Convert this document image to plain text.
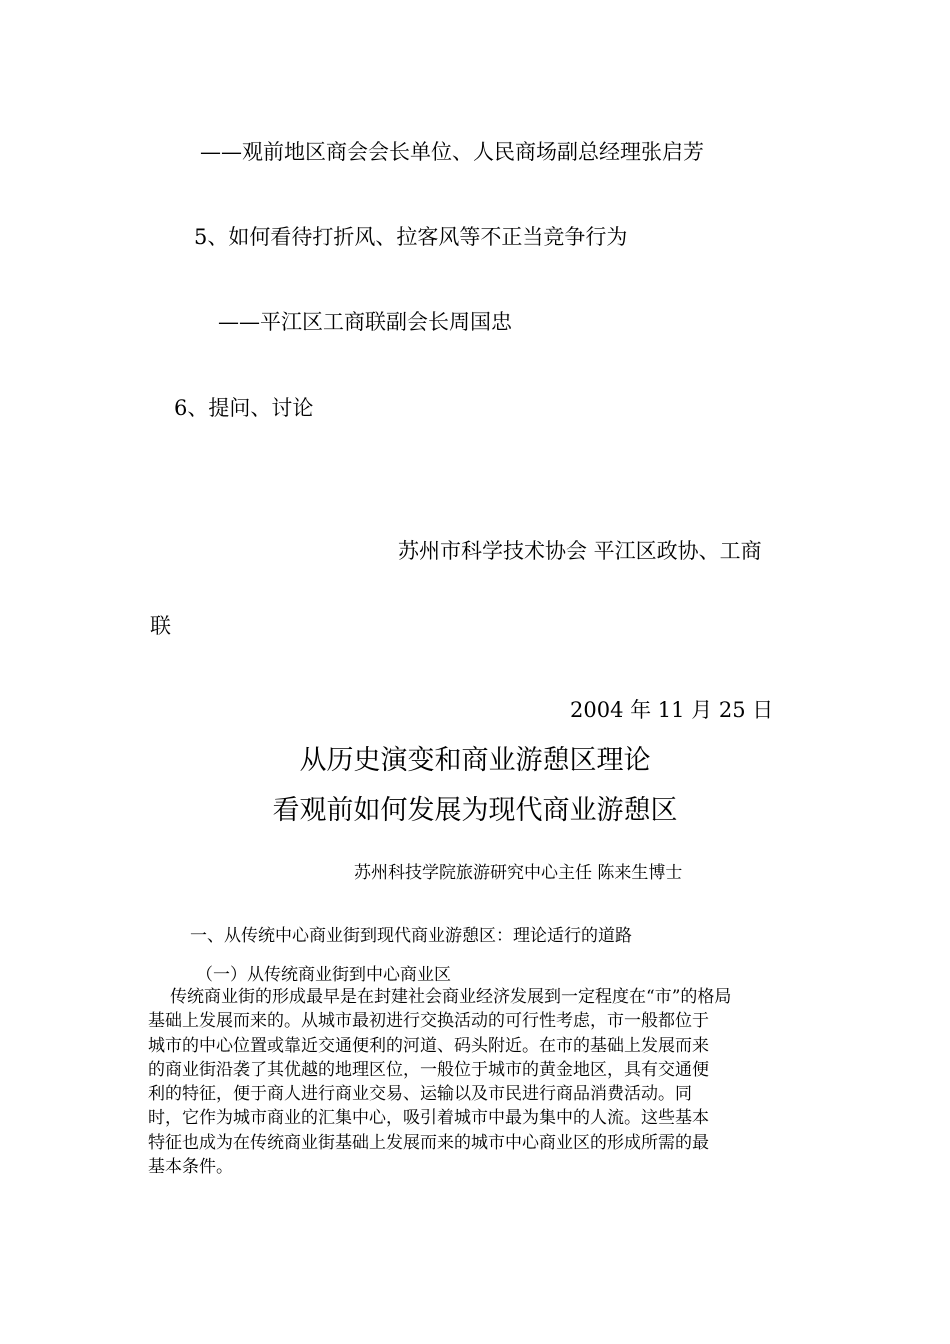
——观前地区商会会长单位、人民商场副总经理张启芳
5、如何看待打折风、拉客风等不正当竞争行为
——平江区工商联副会长周国忠
6、提问、讨论
苏州市科学技术协会 平江区政协、工商
联
2004 年 11 月 25 日
从历史演变和商业游憩区理论
看观前如何发展为现代商业游憩区
苏州科技学院旅游研究中心主任 陈来生博士
一、从传统中心商业街到现代商业游憩区：理论适行的道路
（一）从传统商业街到中心商业区
传统商业街的形成最早是在封建社会商业经济发展到一定程度在“市”的格局
基础上发展而来的。从城市最初进行交换活动的可行性考虑，市一般都位于
城市的中心位置或靠近交通便利的河道、码头附近。在市的基础上发展而来
的商业街沿袭了其优越的地理区位，一般位于城市的黄金地区，具有交通便
利的特征，便于商人进行商业交易、运输以及市民进行商品消费活动。同
时，它作为城市商业的汇集中心，吸引着城市中最为集中的人流。这些基本
特征也成为在传统商业街基础上发展而来的城市中心商业区的形成所需的最
基本条件。
